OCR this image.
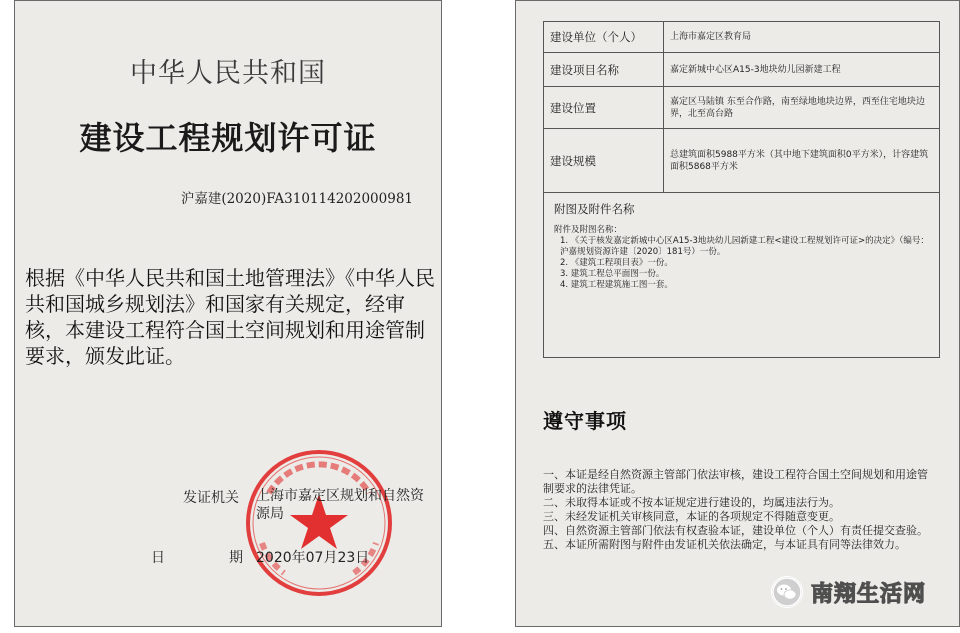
中华人民共和国
建设工程规划许可证
沪嘉建(2020)FA310114202000981
根据《中华人民共和国土地管理法》《中华人民共和国城乡规划法》和国家有关规定，经审核，本建设工程符合国土空间规划和用途管制要求，颁发此证。
发证机关 上海市嘉定区规划和自然资源局
日	期 2020年07月23日
建设单位（个人）	上海市嘉定区教育局
建设项目名称	嘉定新城中心区A15-3地块幼儿园新建工程
建设位置	嘉定区马陆镇 东至合作路，南至绿地地块边界，西至住宅地块边界，北至高台路
建设规模	总建筑面积5988平方米（其中地下建筑面积0平方米），计容建筑面积5868平方米
附图及附件名称
附件及附图名称：
1. 《关于核发嘉定新城中心区A15-3地块幼儿园新建工程<建设工程规划许可证>的决定》（编号：沪嘉规划资源许建〔2020〕181号）一份。
2. 《建筑工程项目表》一份。
3. 建筑工程总平面图一份。
4. 建筑工程建筑施工图一套。
遵守事项
一、本证是经自然资源主管部门依法审核，建设工程符合国土空间规划和用途管制要求的法律凭证。
二、未取得本证或不按本证规定进行建设的，均属违法行为。
三、未经发证机关审核同意，本证的各项规定不得随意变更。
四、自然资源主管部门依法有权查验本证，建设单位（个人）有责任提交查验。
五、本证所需附图与附件由发证机关依法确定，与本证具有同等法律效力。
南翔生活网
